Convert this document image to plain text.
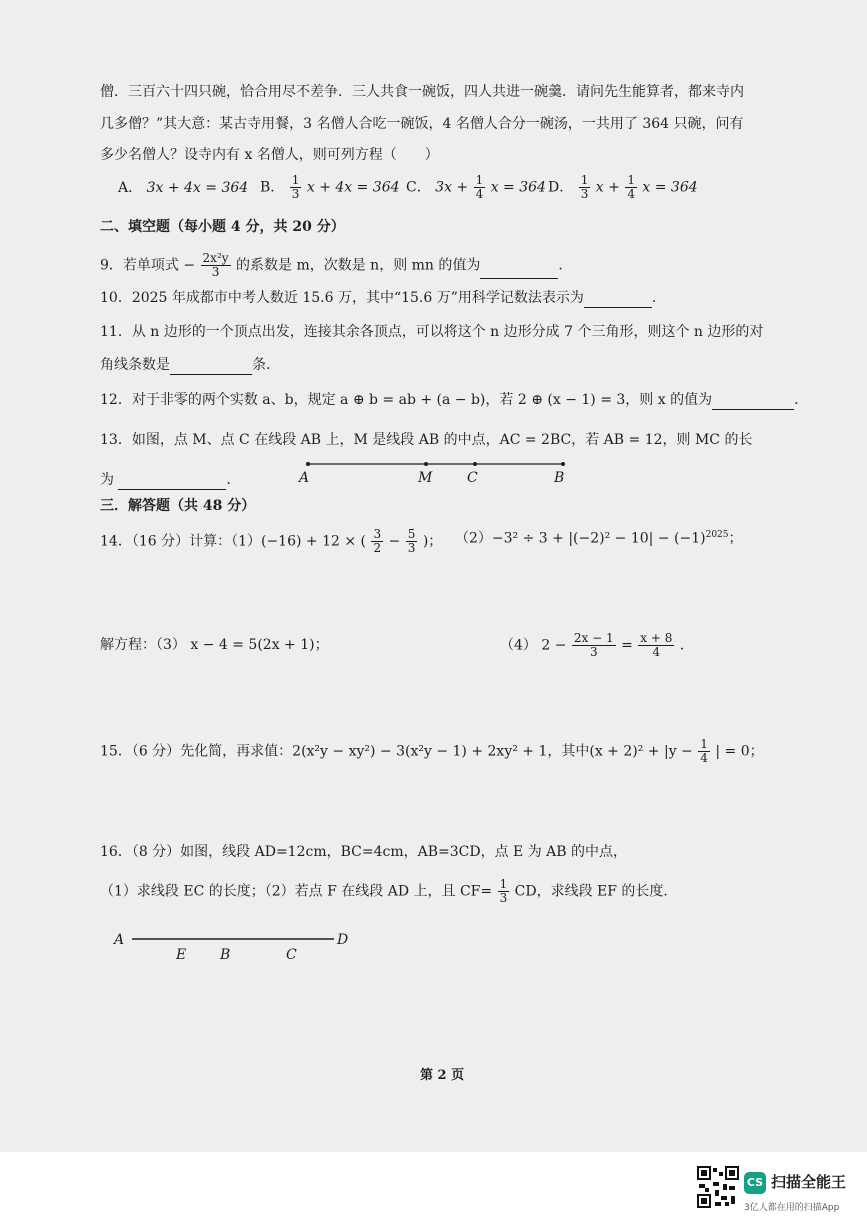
僧．三百六十四只碗，恰合用尽不差争．三人共食一碗饭，四人共进一碗羹．请问先生能算者，都来寺内
几多僧？”其大意：某古寺用餐，3 名僧人合吃一碗饭，4 名僧人合分一碗汤，一共用了 364 只碗，问有
多少名僧人？设寺内有 x 名僧人，则可列方程（　　）
A． 3x + 4x = 364 B． $\frac{1}{3}$ x + 4x = 364 C． $3x + \frac{1}{4}$ x = 364 D． $\frac{1}{3}$ $x + \frac{1}{4}$ x = 364
二、填空题（每小题 4 分，共 20 分）
9．若单项式 − $\frac{\text{2x²y}}{3}$ 的系数是 m，次数是 n，则 mn 的值为	．
10．2025 年成都市中考人数近 15.6 万，其中“15.6 万”用科学记数法表示为	．
11．从 n 边形的一个顶点出发，连接其余各顶点，可以将这个 n 边形分成 7 个三角形，则这个 n 边形的对
角线条数是	条．
12．对于非零的两个实数 a、b，规定 a ⊕ b = ab + (a − b)，若 2 ⊕ (x − 1) = 3，则 x 的值为	．
13．如图，点 M、点 C 在线段 AB 上，M 是线段 AB 的中点，AC = 2BC，若 AB = 12，则 MC 的长
为	．	A	M C	B
三．解答题（共 48 分）
14．（16 分）计算：（1）(−16) + 12 × ( $\frac{3}{2} - \frac{5}{3}$ )； $(2)-3^2 \div 3 + |(-2)^2 - 10| - (-1)^{2025}$；
解方程：（3） x − 4 = 5(2x + 1)；	（4） $2 - \frac{2x - 1}{3} = \frac{x + 8}{4}$ ．
15．（6 分）先化简，再求值：2(x²y − xy²) − 3(x²y − 1) + 2xy² + 1，其中$(x + 2)^2 + |y - \frac{1}{4}$ | = 0；
16．（8 分）如图，线段 AD=12cm，BC=4cm，AB=3CD，点 E 为 AB 的中点，
（1）求线段 EC 的长度；（2）若点 F 在线段 AD 上，且 $CF= \frac{1}{3}$ CD，求线段 EF 的长度．
A
E B	C
D
第 2 页
CS 扫描全能王
3亿人都在用的扫描App
